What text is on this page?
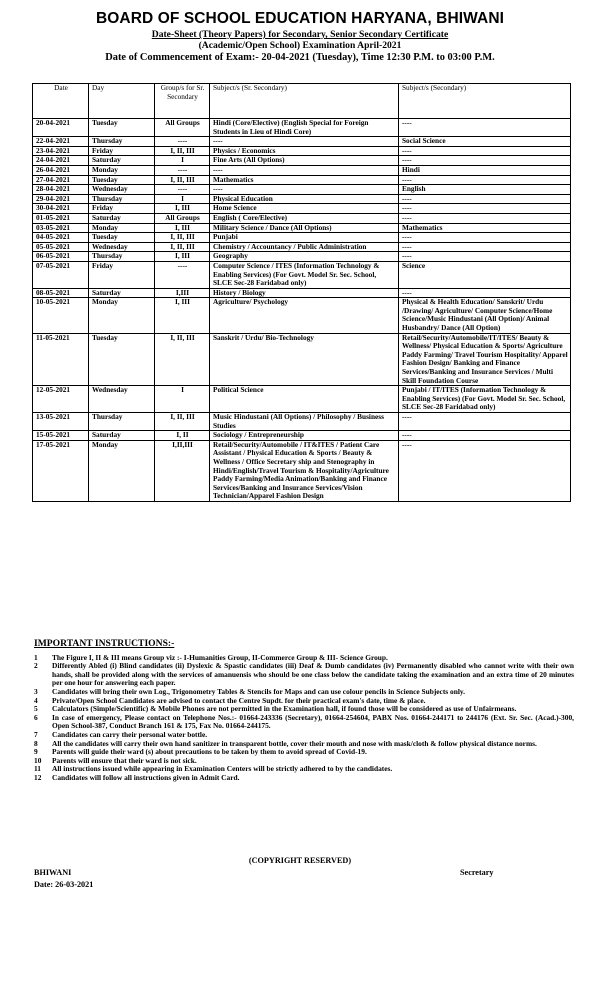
BOARD OF SCHOOL EDUCATION HARYANA, BHIWANI
Date-Sheet (Theory Papers) for Secondary, Senior Secondary Certificate
(Academic/Open School) Examination April-2021
Date of Commencement of Exam:- 20-04-2021 (Tuesday), Time 12:30 P.M. to 03:00 P.M.
Date	Day	Group/s for Sr. Secondary	Subject/s (Sr. Secondary)	Subject/s (Secondary)
20-04-2021	Tuesday	All Groups	Hindi (Core/Elective) (English Special for Foreign Students in Lieu of Hindi Core)	----
22-04-2021	Thursday	----	----	Social Science
23-04-2021	Friday	I, II, III	Physics / Economics	----
24-04-2021	Saturday	I	Fine Arts (All Options)	----
26-04-2021	Monday	----	----	Hindi
27-04-2021	Tuesday	I, II, III	Mathematics	----
28-04-2021	Wednesday	----	----	English
29-04-2021	Thursday	I	Physical Education	----
30-04-2021	Friday	I, III	Home Science	----
01-05-2021	Saturday	All Groups	English ( Core/Elective)	----
03-05-2021	Monday	I, III	Military Science / Dance (All Options)	Mathematics
04-05-2021	Tuesday	I, II, III	Punjabi	----
05-05-2021	Wednesday	I, II, III	Chemistry / Accountancy / Public Administration	----
06-05-2021	Thursday	I, III	Geography	----
07-05-2021	Friday	----	Computer Science / ITES (Information Technology & Enabling Services) (For Govt. Model Sr. Sec. School, SLCE Sec-28 Faridabad only)	Science
08-05-2021	Saturday	I,III	History / Biology	----
10-05-2021	Monday	I, III	Agriculture/ Psychology	Physical & Health Education/ Sanskrit/ Urdu /Drawing/ Agriculture/ Computer Science/Home Science/Music Hindustani (All Option)/ Animal Husbandry/ Dance (All Option)
11-05-2021	Tuesday	I, II, III	Sanskrit / Urdu/ Bio-Technology	Retail/Security/Automobile/IT/ITES/ Beauty & Wellness/ Physical Education & Sports/ Agriculture Paddy Farming/ Travel Tourism Hospitality/ Apparel Fashion Design/ Banking and Finance Services/Banking and Insurance Services / Multi Skill Foundation Course
12-05-2021	Wednesday	I	Political Science	Punjabi / IT/ITES (Information Technology & Enabling Services) (For Govt. Model Sr. Sec. School, SLCE Sec-28 Faridabad only)
13-05-2021	Thursday	I, II, III	Music Hindustani (All Options) / Philosophy / Business Studies	----
15-05-2021	Saturday	I, II	Sociology / Entrepreneurship	----
17-05-2021	Monday	I,II,III	Retail/Security/Automobile / IT&ITES / Patient Care Assistant / Physical Education & Sports / Beauty & Wellness / Office Secretary ship and Stenography in Hindi/English/Travel Tourism & Hospitality/Agriculture Paddy Farming/Media Animation/Banking and Finance Services/Banking and Insurance Services/Vision Technician/Apparel Fashion Design	----
IMPORTANT INSTRUCTIONS:-
1	The Figure I, II & III means Group viz :- I-Humanities Group, II-Commerce Group & III- Science Group.
2	Differently Abled (i) Blind candidates (ii) Dyslexic & Spastic candidates (iii) Deaf & Dumb candidates (iv) Permanently disabled who cannot write with their own hands, shall be provided along with the services of amanuensis who should be one class below the candidate taking the examination and an extra time of 20 minutes per one hour for answering each paper.
3	Candidates will bring their own Log., Trigonometry Tables & Stencils for Maps and can use colour pencils in Science Subjects only.
4	Private/Open School Candidates are advised to contact the Centre Supdt. for their practical exam's date, time & place.
5	Calculators (Simple/Scientific) & Mobile Phones are not permitted in the Examination hall, if found those will be considered as use of Unfairmeans.
6	In case of emergency, Please contact on Telephone Nos.:- 01664-243336 (Secretary), 01664-254604, PABX Nos. 01664-244171 to 244176 (Ext. Sr. Sec. (Acad.)-300, Open School-387, Conduct Branch 161 & 175, Fax No. 01664-244175.
7	Candidates can carry their personal water bottle.
8	All the candidates will carry their own hand sanitizer in transparent bottle, cover their mouth and nose with mask/cloth & follow physical distance norms.
9	Parents will guide their ward (s) about precautions to be taken by them to avoid spread of Covid-19.
10	Parents will ensure that their ward is not sick.
11	All instructions issued while appearing in Examination Centers will be strictly adhered to by the candidates.
12	Candidates will follow all instructions given in Admit Card.
(COPYRIGHT RESERVED)
BHIWANI
Date: 26-03-2021
Secretary
